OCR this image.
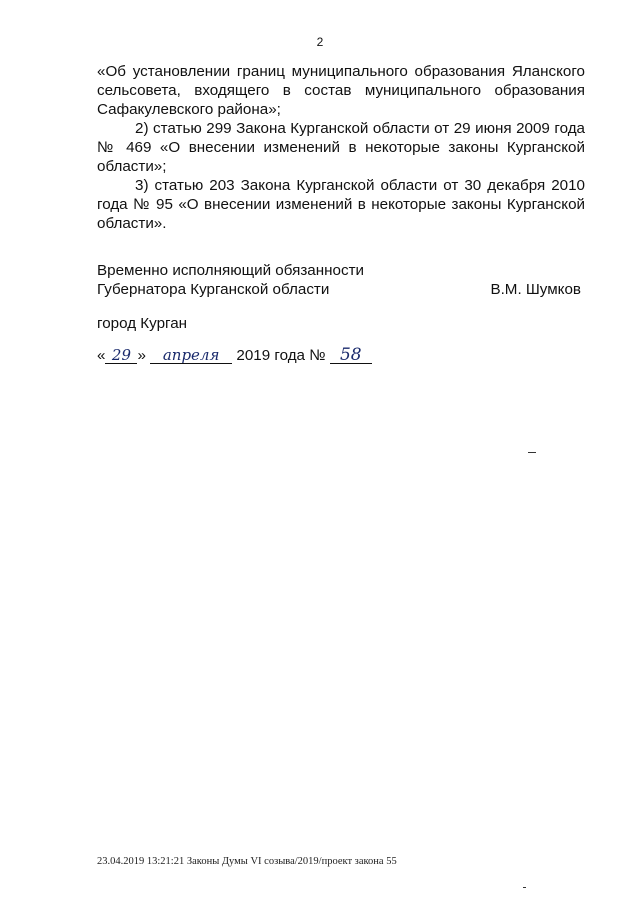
2

«Об установлении границ муниципального образования Яланского сельсовета, входящего в состав муниципального образования Сафакулевского района»;

2) статью 299 Закона Курганской области от 29 июня 2009 года № 469 «О внесении изменений в некоторые законы Курганской области»;

3) статью 203 Закона Курганской области от 30 декабря 2010 года № 95 «О внесении изменений в некоторые законы Курганской области».

Временно исполняющий обязанности
Губернатора Курганской области	В.М. Шумков
город Курган
« 29 » апреля 2019 года № 58
23.04.2019 13:21:21 Законы Думы VI созыва/2019/проект закона 55
